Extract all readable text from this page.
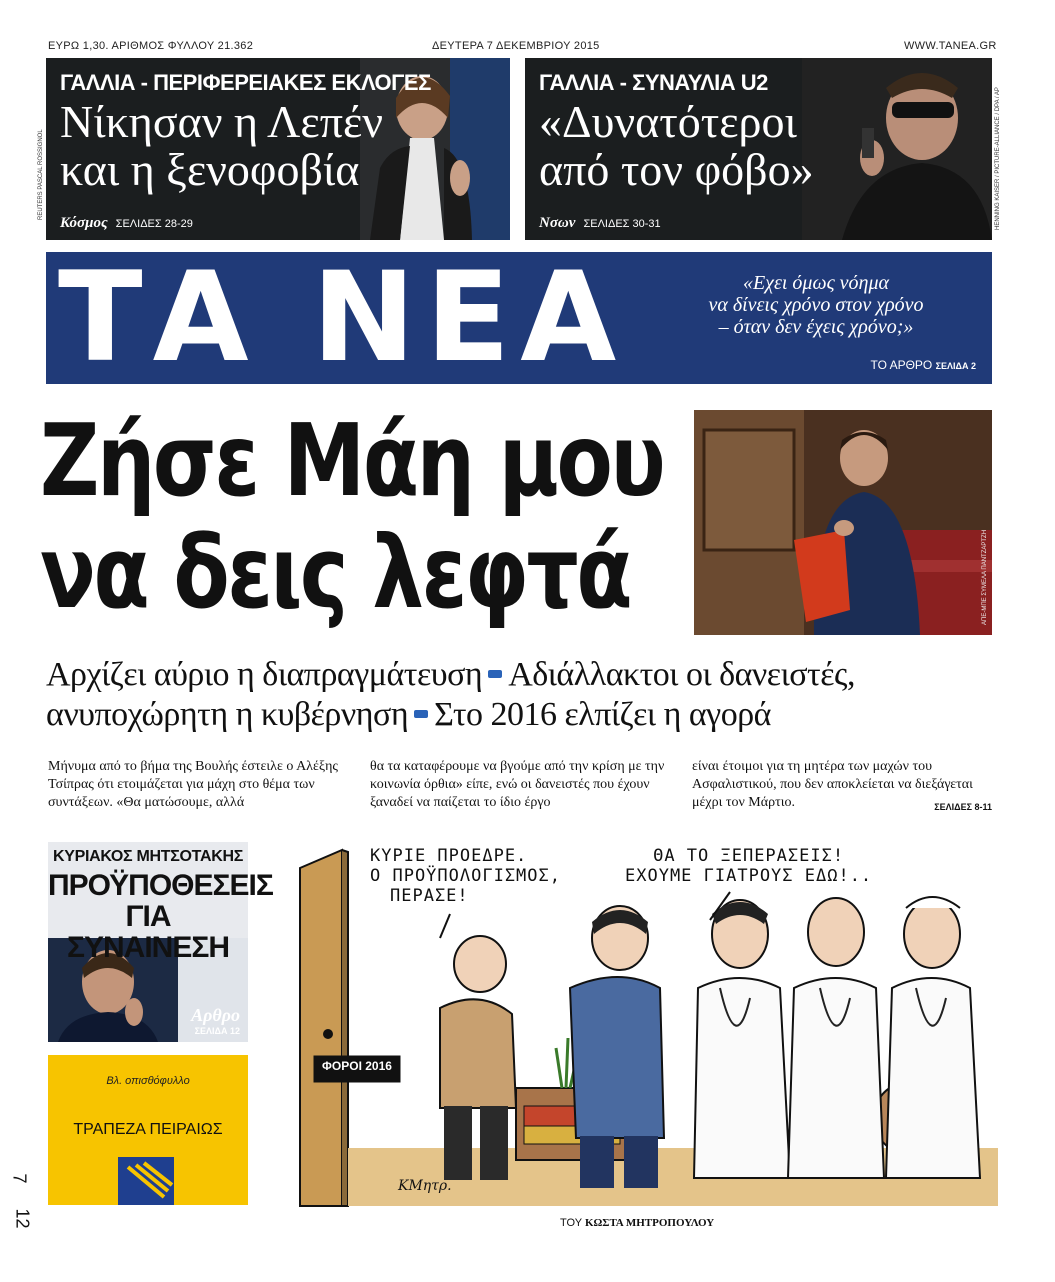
ΕΥΡΩ 1,30. ΑΡΙΘΜΟΣ ΦΥΛΛΟΥ 21.362	ΔΕΥΤΕΡΑ 7 ΔΕΚΕΜΒΡΙΟΥ 2015	WWW.TANEA.GR
ΓΑΛΛΙΑ - ΠΕΡΙΦΕΡΕΙΑΚΕΣ ΕΚΛΟΓΕΣ
Νίκησαν η Λεπέν
και η ξενοφοβία
Κόσμος ΣΕΛΙΔΕΣ 28-29
REUTERS PASCAL ROSSIGNOL
ΓΑΛΛΙΑ - ΣΥΝΑΥΛΙΑ U2
«Δυνατότεροι
από τον φόβο»
Νσων ΣΕΛΙΔΕΣ 30-31	HENNING KAISER / PICTURE-ALLIANCE / DPA / AP
ΤΑ ΝΕΑ	«Εχει όμως νόημα
να δίνεις χρόνο στον χρόνο
– όταν δεν έχεις χρόνο;»
ΤΟ ΑΡΘΡΟ ΣΕΛΙΔΑ 2
Ζήσε Μάη μου
να δεις λεφτά	ΑΠΕ-ΜΠΕ ΣΥΜΕΛΑ ΠΑΝΤΖΑΡΤΖΗ
Αρχίζει αύριο η διαπραγμάτευση Αδιάλλακτοι οι δανειστές,
ανυποχώρητη η κυβέρνηση Στο 2016 ελπίζει η αγορά
Μήνυμα από το βήμα της Βουλής έστειλε ο Αλέξης Τσίπρας ότι ετοιμάζεται για μάχη στο θέμα των συντάξεων. «Θα ματώσουμε, αλλά
θα τα καταφέρουμε να βγούμε από την κρίση με την κοινωνία όρθια» είπε, ενώ οι δανειστές που έχουν ξαναδεί να παίζεται το ίδιο έργο
είναι έτοιμοι για τη μητέρα των μαχών του Ασφαλιστικού, που δεν αποκλείεται να διεξάγεται μέχρι τον Μάρτιο.	ΣΕΛΙΔΕΣ 8-11
ΚΥΡΙΑΚΟΣ ΜΗΤΣΟΤΑΚΗΣ
ΠΡΟΫΠΟΘΕΣΕΙΣ
ΓΙΑ ΣΥΝΑΙΝΕΣΗ
Αρθρο
ΣΕΛΙΔΑ 12
Βλ. οπισθόφυλλο
ΤΡΑΠΕΖΑ ΠΕΙΡΑΙΩΣ
ΚΥΡΙΕ ΠΡΟΕΔΡΕ.
Ο ΠΡΟΫΠΟΛΟΓΙΣΜΟΣ,
ΠΕΡΑΣΕ!
ΘΑ ΤΟ ΞΕΠΕΡΑΣΕΙΣ!
ΕΧΟΥΜΕ ΓΙΑΤΡΟΥΣ ΕΔΩ!..
ΦΟΡΟΙ 2016
ΚΜητρ.
ΤΟΥ ΚΩΣΤΑ ΜΗΤΡΟΠΟΥΛΟΥ
7
12
